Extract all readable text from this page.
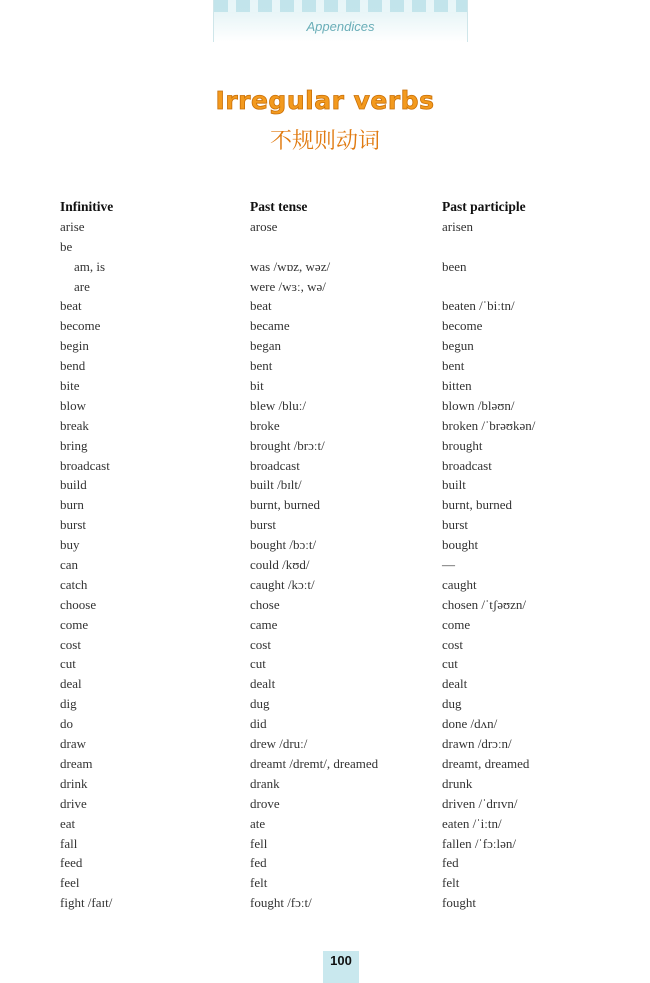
Appendices
Irregular verbs
不规则动词
Infinitive	Past tense	Past participle
arise	arose	arisen
be
am, is	was /wɒz, wəz/	been
are	were /wɜː, wə/
beat	beat	beaten /ˈbiːtn/
become	became	become
begin	began	begun
bend	bent	bent
bite	bit	bitten
blow	blew /bluː/	blown /bləʊn/
break	broke	broken /ˈbrəʊkən/
bring	brought /brɔːt/	brought
broadcast	broadcast	broadcast
build	built /bɪlt/	built
burn	burnt, burned	burnt, burned
burst	burst	burst
buy	bought /bɔːt/	bought
can	could /kʊd/	—
catch	caught /kɔːt/	caught
choose	chose	chosen /ˈtʃəʊzn/
come	came	come
cost	cost	cost
cut	cut	cut
deal	dealt	dealt
dig	dug	dug
do	did	done /dʌn/
draw	drew /druː/	drawn /drɔːn/
dream	dreamt /dremt/, dreamed	dreamt, dreamed
drink	drank	drunk
drive	drove	driven /ˈdrɪvn/
eat	ate	eaten /ˈiːtn/
fall	fell	fallen /ˈfɔːlən/
feed	fed	fed
feel	felt	felt
fight /faɪt/	fought /fɔːt/	fought
100
